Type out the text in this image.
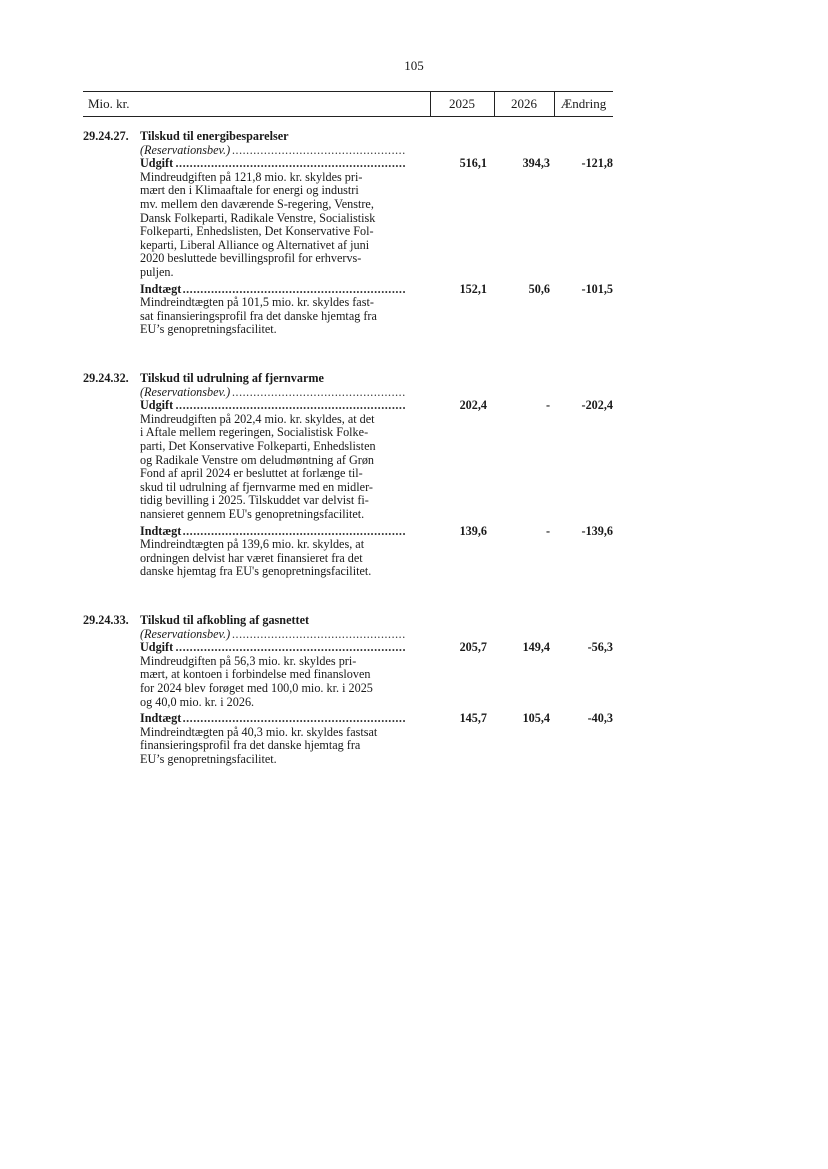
105
Mio. kr.	2025	2026	Ændring
29.24.27. Tilskud til energibesparelser
(Reservationsbev.) .....
Udgift .....	516,1	394,3	-121,8
Mindreudgiften på 121,8 mio. kr. skyldes pri-
mært den i Klimaaftale for energi og industri
mv. mellem den daværende S-regering, Venstre,
Dansk Folkeparti, Radikale Venstre, Socialistisk
Folkeparti, Enhedslisten, Det Konservative Fol-
keparti, Liberal Alliance og Alternativet af juni
2020 besluttede bevillingsprofil for erhvervs-
puljen.
Indtægt .....	152,1	50,6	-101,5
Mindreindtægten på 101,5 mio. kr. skyldes fast-
sat finansieringsprofil fra det danske hjemtag fra
EU’s genopretningsfacilitet.
29.24.32. Tilskud til udrulning af fjernvarme
(Reservationsbev.) .....
Udgift .....	202,4	-	-202,4
Mindreudgiften på 202,4 mio. kr. skyldes, at det
i Aftale mellem regeringen, Socialistisk Folke-
parti, Det Konservative Folkeparti, Enhedslisten
og Radikale Venstre om deludmøntning af Grøn
Fond af april 2024 er besluttet at forlænge til-
skud til udrulning af fjernvarme med en midler-
tidig bevilling i 2025. Tilskuddet var delvist fi-
nansieret gennem EU's genopretningsfacilitet.
Indtægt .....	139,6	-	-139,6
Mindreindtægten på 139,6 mio. kr. skyldes, at
ordningen delvist har været finansieret fra det
danske hjemtag fra EU's genopretningsfacilitet.
29.24.33. Tilskud til afkobling af gasnettet
(Reservationsbev.) .....
Udgift .....	205,7	149,4	-56,3
Mindreudgiften på 56,3 mio. kr. skyldes pri-
mært, at kontoen i forbindelse med finansloven
for 2024 blev forøget med 100,0 mio. kr. i 2025
og 40,0 mio. kr. i 2026.
Indtægt .....	145,7	105,4	-40,3
Mindreindtægten på 40,3 mio. kr. skyldes fastsat
finansieringsprofil fra det danske hjemtag fra
EU’s genopretningsfacilitet.
